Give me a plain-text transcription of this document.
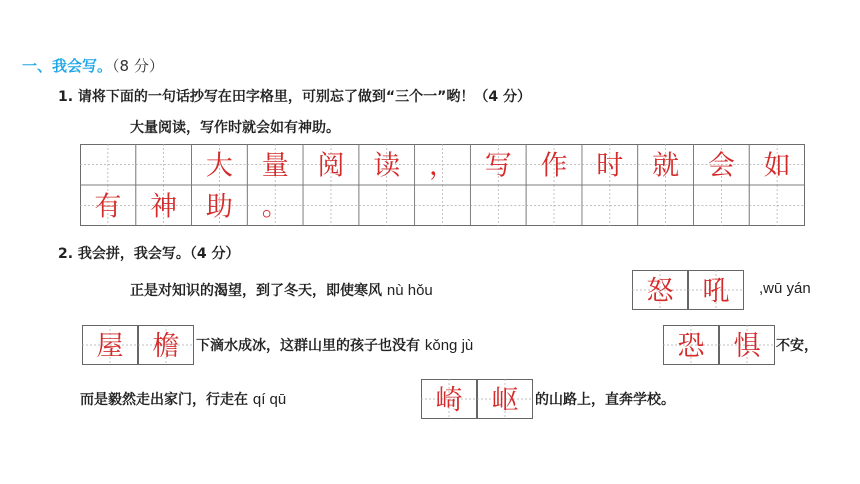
一、我会写。（8 分）
1. 请将下面的一句话抄写在田字格里，可别忘了做到“三个一”哟！（4 分）
大量阅读，写作时就会如有神助。
大 量 阅 读 ， 写 作 时 就 会 如
有 神 助 。
2. 我会拼，我会写。（4 分）
正是对知识的渴望，到了冬天，即使寒风 nù hǒu	,wū yán
下滴水成冰，这群山里的孩子也没有 kǒng jù	不安，
而是毅然走出家门，行走在 qí qū	的山路上，直奔学校。
怒 吼
屋 檐	恐 惧
崎 岖
